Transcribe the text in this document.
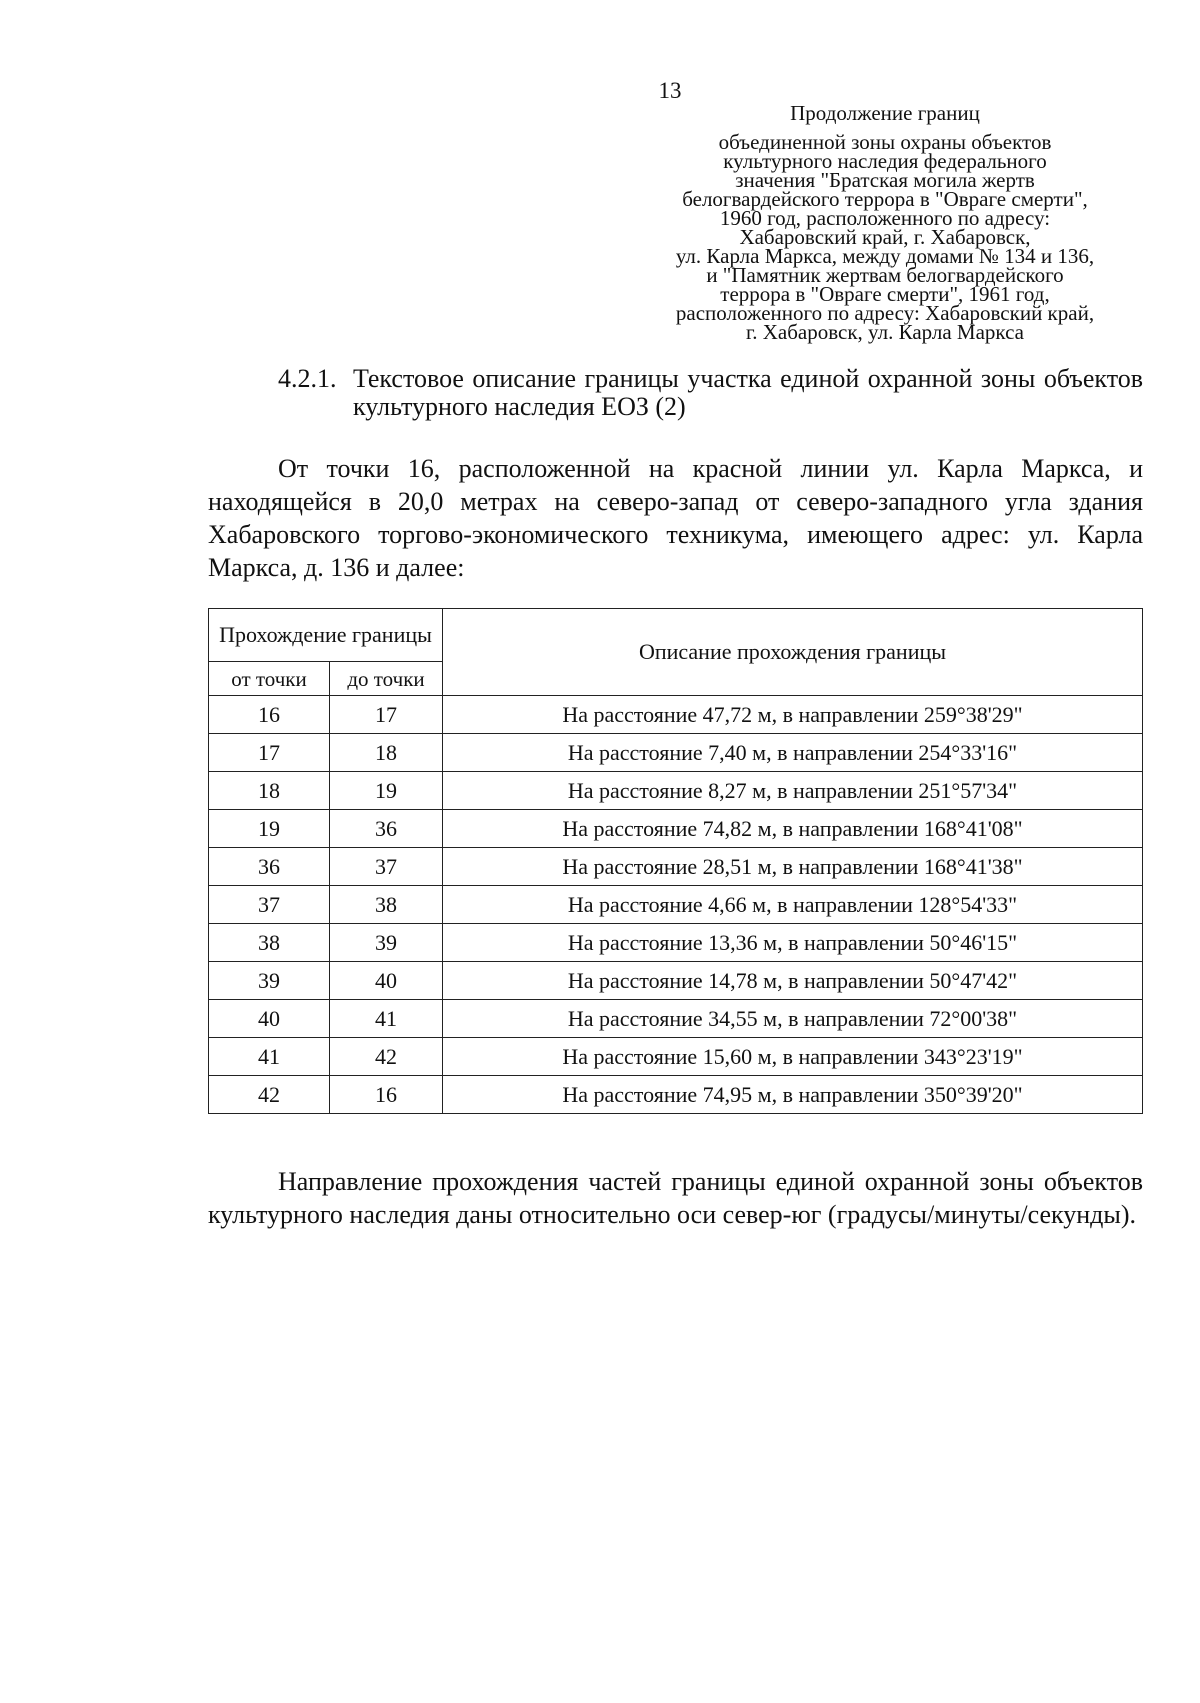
13
Продолжение границ
объединенной зоны охраны объектов
культурного наследия федерального
значения "Братская могила жертв
белогвардейского террора в "Овраге смерти",
1960 год, расположенного по адресу:
Хабаровский край, г. Хабаровск,
ул. Карла Маркса, между домами № 134 и 136,
и "Памятник жертвам белогвардейского
террора в "Овраге смерти", 1961 год,
расположенного по адресу: Хабаровский край,
г. Хабаровск, ул. Карла Маркса
4.2.1. Текстовое описание границы участка единой охранной зоны объектов культурного наследия ЕОЗ (2)
От точки 16, расположенной на красной линии ул. Карла Маркса, и находящейся в 20,0 метрах на северо-запад от северо-западного угла здания Хабаровского торгово-экономического техникума, имеющего адрес: ул. Карла Маркса, д. 136 и далее:
Прохождение границы		Описание прохождения границы
от точки	до точки	
16	17	На расстояние 47,72 м, в направлении 259°38'29"
17	18	На расстояние 7,40 м, в направлении 254°33'16"
18	19	На расстояние 8,27 м, в направлении 251°57'34"
19	36	На расстояние 74,82 м, в направлении 168°41'08"
36	37	На расстояние 28,51 м, в направлении 168°41'38"
37	38	На расстояние 4,66 м, в направлении 128°54'33"
38	39	На расстояние 13,36 м, в направлении 50°46'15"
39	40	На расстояние 14,78 м, в направлении 50°47'42"
40	41	На расстояние 34,55 м, в направлении 72°00'38"
41	42	На расстояние 15,60 м, в направлении 343°23'19"
42	16	На расстояние 74,95 м, в направлении 350°39'20"
Направление прохождения частей границы единой охранной зоны объектов культурного наследия даны относительно оси север-юг (градусы/минуты/секунды).
